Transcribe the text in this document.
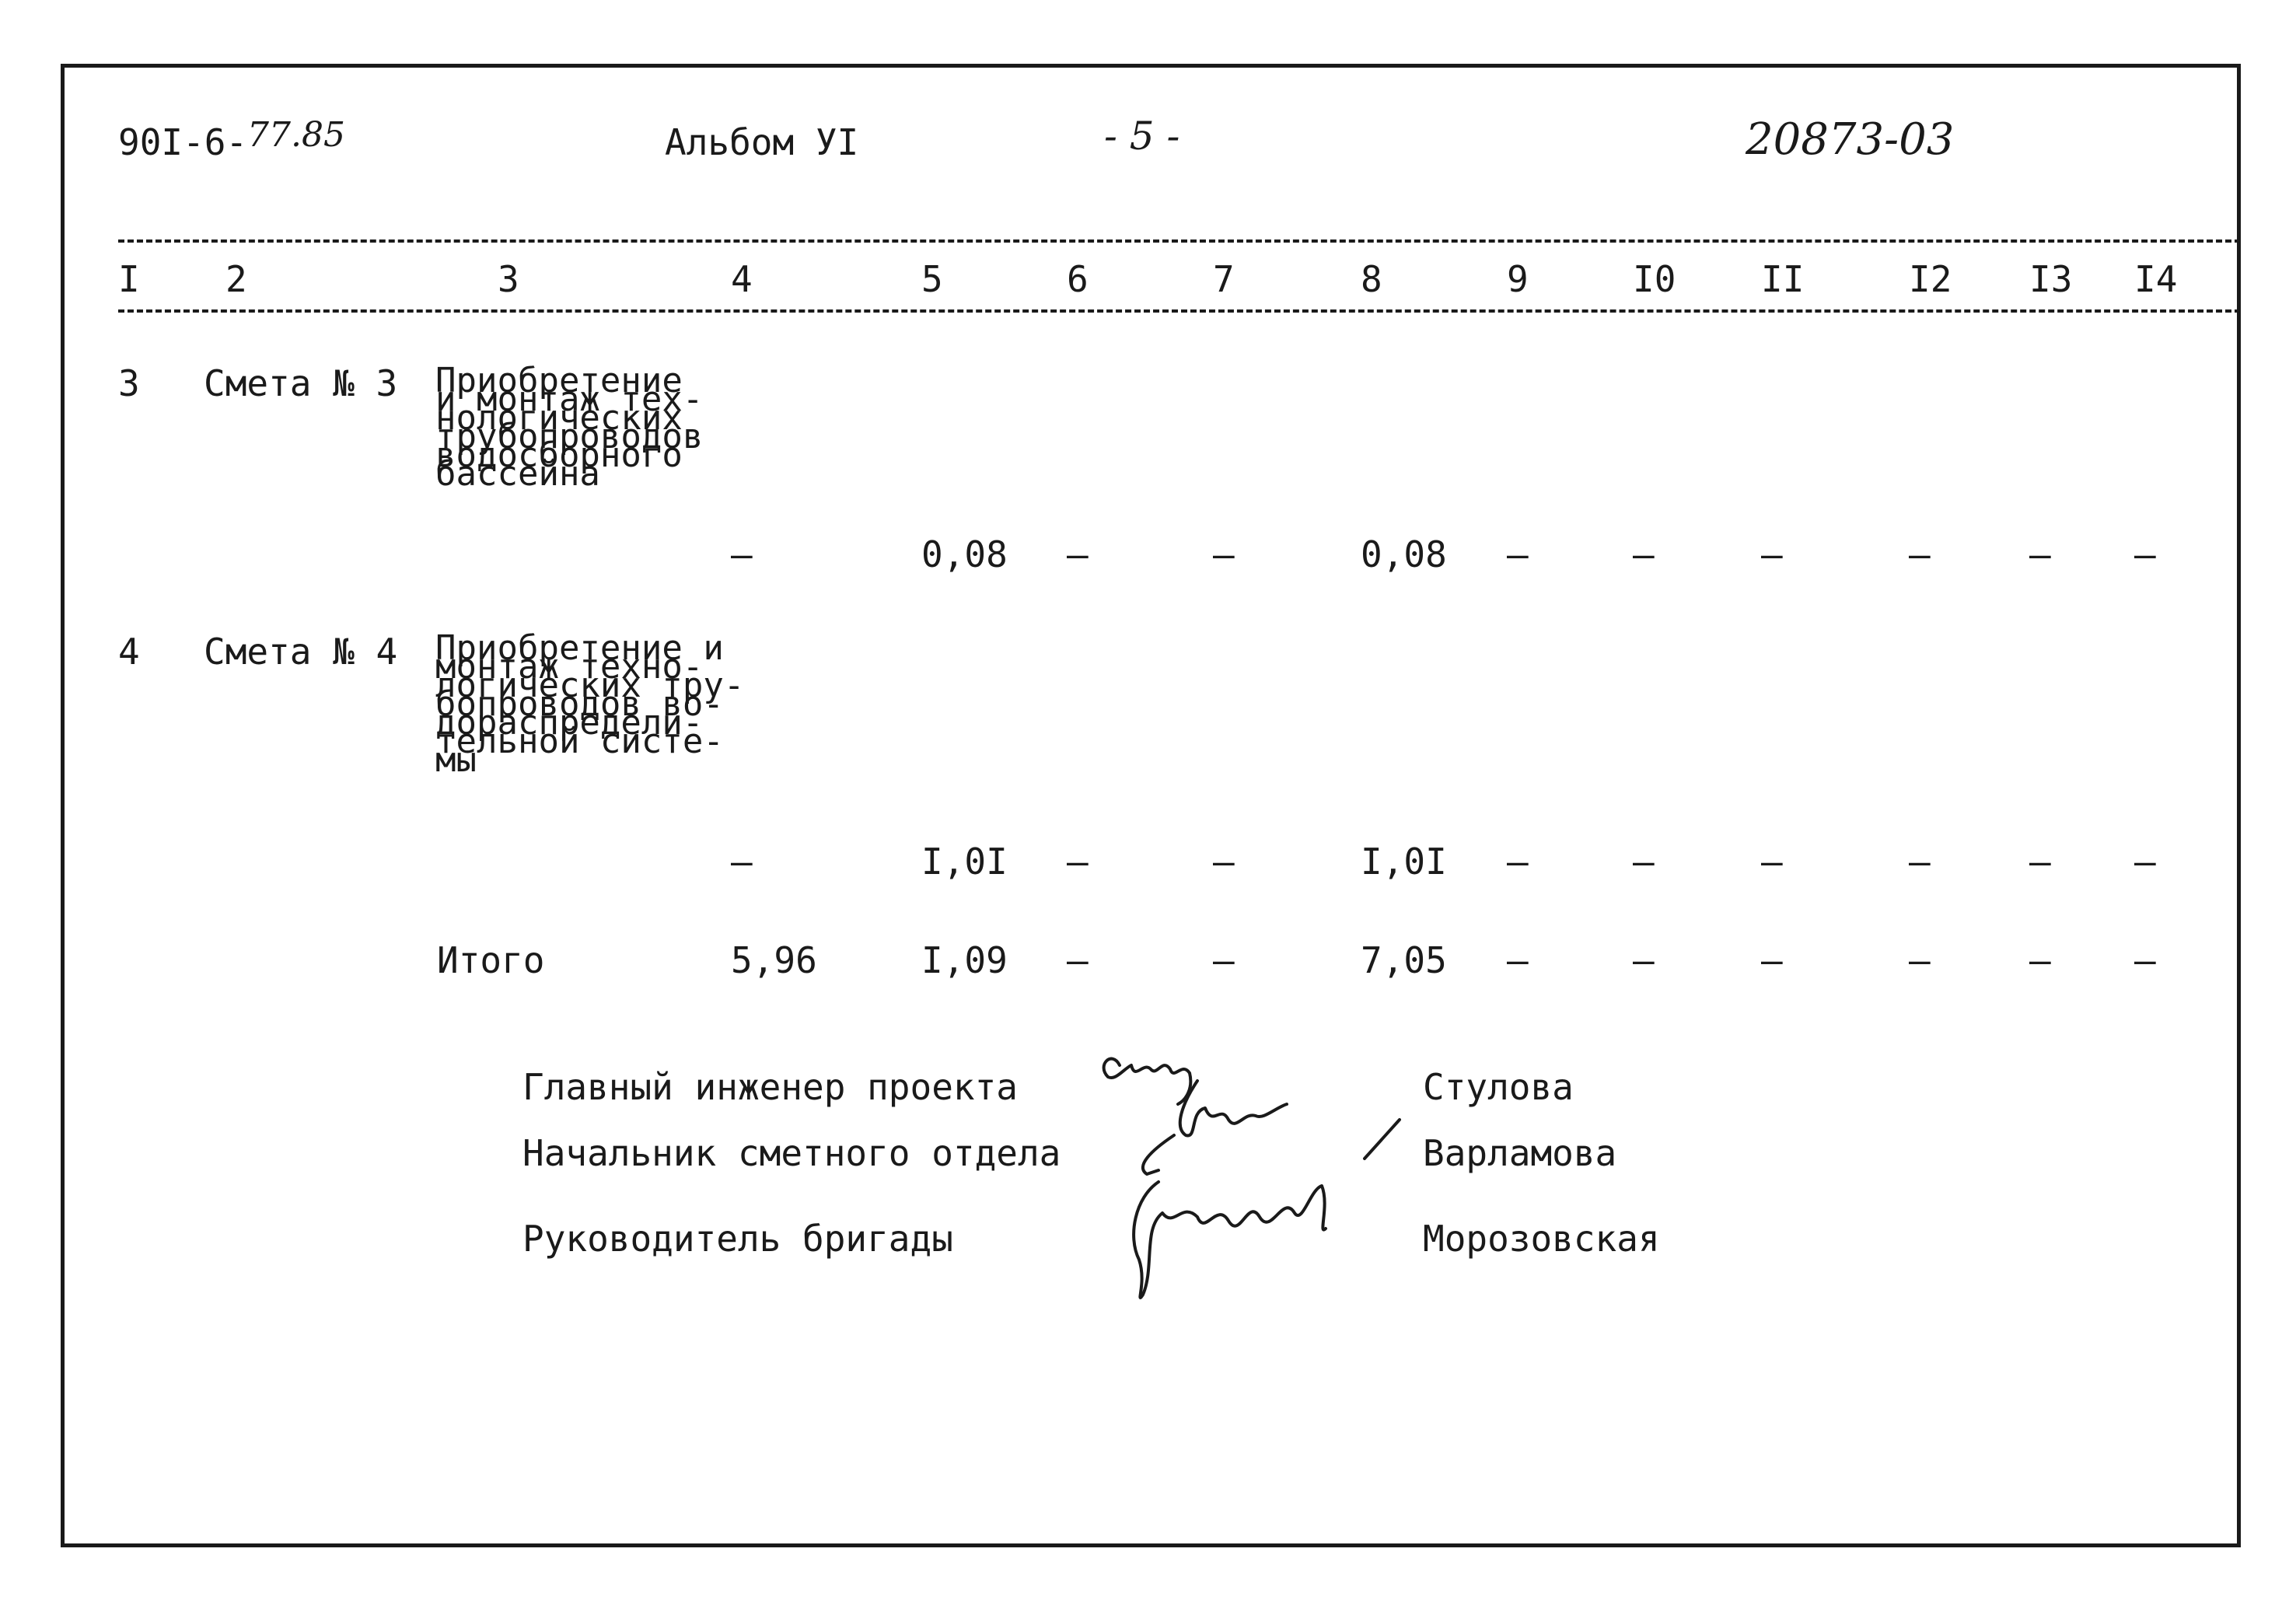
90I-6- 77.85	Альбом УI	- 5 -	20873-03
I 2	3	4	5	6	7	8	9	I0 II	I2 I3 I4
3 Смета № 3 Приобретение
и монтаж тех-
нологических
трубопроводов
водосборного
бассейна
–	0,08 –	–	0,08 –	–	–	–	– –
4 Смета № 4 Приобретение и
монтаж техно-
логических тру-
бопроводов во-
дораспредели-
тельной систе-
мы
–	I,0I –	–	I,0I –	–	–	–	– –
Итого	5,96	I,09 –	–	7,05 –	–	–	–	– –
Главный инженер проекта	Стулова
Начальник сметного отдела	Варламова
Руководитель бригады	Морозовская
